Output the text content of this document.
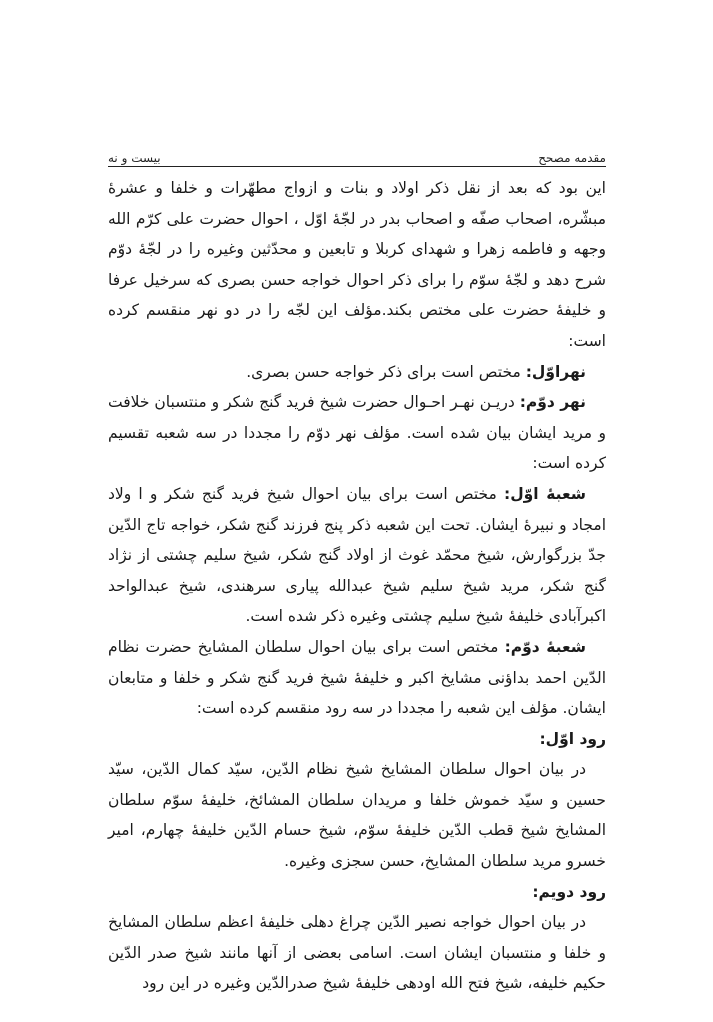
مقدمه مصحح
بیست و نه

این بود که بعد از نقل ذکر اولاد و بنات و ازواج مطهّرات و خلفا و عشرهٔ مبشّره، اصحاب صفّه و اصحاب بدر در لجّهٔ اوّل ، احوال حضرت علی کرّم الله وجهه و فاطمه زهرا و شهدای کربلا و تابعین و محدّثین وغیره را در لجّهٔ دوّم شرح دهد و لجّهٔ سوّم را برای ذکر احوال خواجه حسن بصری که سرخیل عرفا و خلیفهٔ حضرت علی مختص بکند.مؤلف این لجّه را در دو نهر منقسم کرده است:

نهراوّل: مختص است برای ذکر خواجه حسن بصری.

نهر دوّم: دریـن نهـر احـوال حضرت شیخ فرید گنج شکر و منتسبان خلافت و مرید ایشان بیان شده است. مؤلف نهر دوّم را مجددا در سه شعبه تقسیم کرده است:

شعبهٔ اوّل: مختص است برای بیان احوال شیخ فرید گنج شکر و ا ولاد امجاد و نبیرهٔ ایشان. تحت این شعبه ذکر پنج فرزند گنج شکر، خواجه تاج الدّین جدّ بزرگوارش، شیخ محمّد غوث از اولاد گنج شکر، شیخ سلیم چشتی از نژاد گنج شکر، مرید شیخ سلیم شیخ عبدالله پیاری سرهندی، شیخ عبدالواحد اکبرآبادی خلیفهٔ شیخ سلیم چشتی وغیره ذکر شده است.

شعبهٔ دوّم: مختص است برای بیان احوال سلطان المشایخ حضرت نظام الدّین احمد بداؤنی مشایخ اکبر و خلیفهٔ شیخ فرید گنج شکر و خلفا و متابعان ایشان. مؤلف این شعبه را مجددا در سه رود منقسم کرده است:

رود اوّل:

در بیان احوال سلطان المشایخ شیخ نظام الدّین، سیّد کمال الدّین، سیّد حسین و سیّد خموش خلفا و مریدان سلطان المشائخ، خلیفهٔ سوّم سلطان المشایخ شیخ قطب الدّین خلیفهٔ سوّم، شیخ حسام الدّین خلیفهٔ چهارم، امیر خسرو مرید سلطان المشایخ، حسن سجزی وغیره.

رود دویم:

در بیان احوال خواجه نصیر الدّین چراغ دهلی خلیفهٔ اعظم سلطان المشایخ و خلفا و منتسبان ایشان است. اسامی بعضی از آنها مانند شیخ صدر الدّین حکیم خلیفه، شیخ فتح الله اودهی خلیفهٔ شیخ صدرالدّین وغیره در این رود
